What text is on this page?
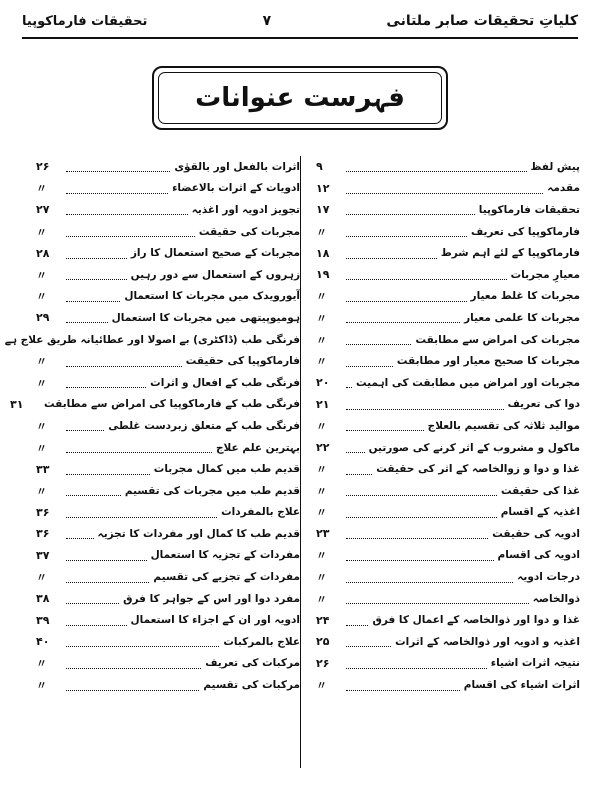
تحقیقات فارماکوپیا	۷	کلیاتِ تحقیقات صابر ملتانی
فہرست عنوانات
پیش لفظ
۹
مقدمہ
۱۲
تحقیقات فارماکوپیا
۱۷
فارماکوپیا کی تعریف
〃
فارماکوپیا کے لئے اہم شرط
۱۸
معیارِ مجربات
۱۹
مجربات کا غلط معیار
〃
مجربات کا علمی معیار
〃
مجربات کی امراض سے مطابقت
〃
مجربات کا صحیح معیار اور مطابقت
〃
مجربات اور امراض میں مطابقت کی اہمیت
۲۰
دوا کی تعریف
۲۱
موالید ثلاثہ کی تقسیم بالعلاج
〃
ماکول و مشروب کے اثر کرنے کی صورتیں
۲۲
غذا و دوا و زوالخاصہ کے اثر کی حقیقت
〃
غذا کی حقیقت
〃
اغذیہ کے اقسام
〃
ادویہ کی حقیقت
۲۳
ادویہ کی اقسام
〃
درجات ادویہ
〃
ذوالخاصہ
〃
غذا و دوا اور ذوالخاصہ کے اعمال کا فرق
۲۴
اغذیہ و ادویہ اور ذوالخاصہ کے اثرات
۲۵
نتیجہ اثرات اشیاء
۲۶
اثرات اشیاء کی اقسام
〃
اثرات بالفعل اور بالقوٰی
۲۶
ادویات کے اثرات بالاعضاء
〃
تجویز ادویہ اور اغذیہ
۲۷
مجربات کی حقیقت
〃
مجربات کے صحیح استعمال کا راز
۲۸
زہروں کے استعمال سے دور رہیں
〃
آیورویدک میں مجربات کا استعمال
〃
ہومیوپیتھی میں مجربات کا استعمال
۲۹
فرنگی طب (ڈاکٹری) بے اصولا اور عطائیانہ طریق علاج ہے
فارماکوپیا کی حقیقت
〃
فرنگی طب کے افعال و اثرات
〃
فرنگی طب کے فارماکوپیا کی امراض سے مطابقت
۳۱
فرنگی طب کے متعلق زبردست غلطی
〃
بہترین علم علاج
〃
قدیم طب میں کمال مجربات
۳۳
قدیم طب میں مجربات کی تقسیم
〃
علاج بالمفردات
۳۶
قدیم طب کا کمال اور مفردات کا تجزیہ
۳۶
مفردات کے تجزیہ کا استعمال
۳۷
مفردات کے تجزیے کی تقسیم
〃
مفرد دوا اور اس کے جواہر کا فرق
۳۸
ادویہ اور ان کے اجزاء کا استعمال
۳۹
علاج بالمرکبات
۴۰
مرکبات کی تعریف
〃
مرکبات کی تقسیم
〃
